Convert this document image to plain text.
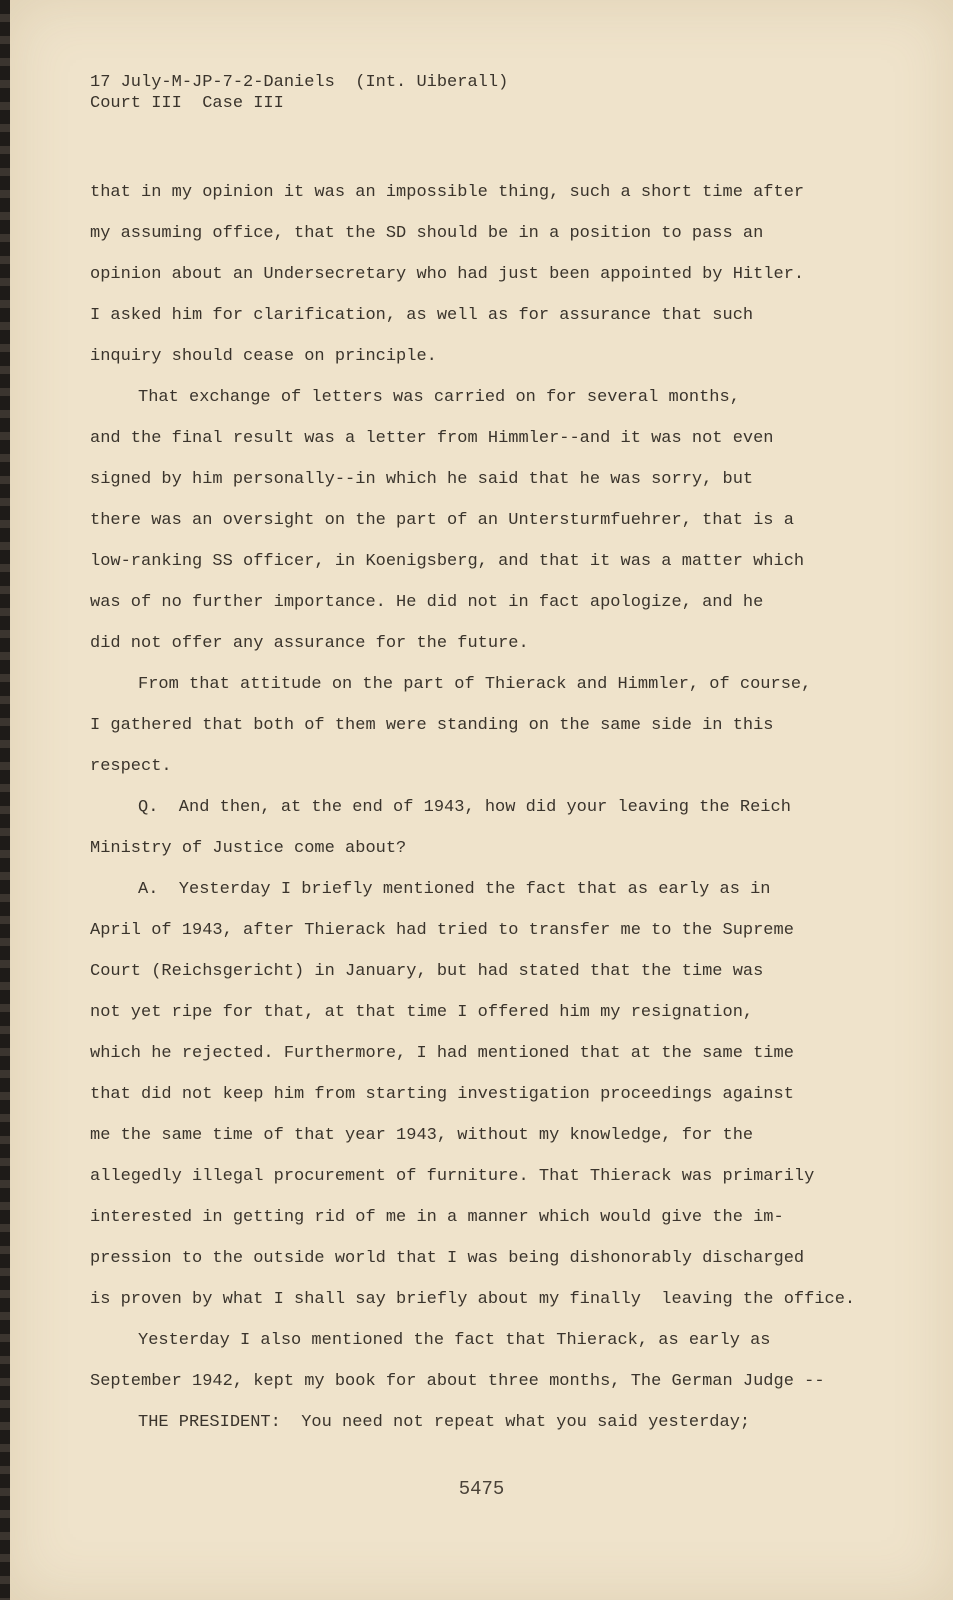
17 July-M-JP-7-2-Daniels  (Int. Uiberall)
Court III  Case III
that in my opinion it was an impossible thing, such a short time after
my assuming office, that the SD should be in a position to pass an
opinion about an Undersecretary who had just been appointed by Hitler.
I asked him for clarification, as well as for assurance that such
inquiry should cease on principle.
That exchange of letters was carried on for several months,
and the final result was a letter from Himmler--and it was not even
signed by him personally--in which he said that he was sorry, but
there was an oversight on the part of an Untersturmfuehrer, that is a
low-ranking SS officer, in Koenigsberg, and that it was a matter which
was of no further importance. He did not in fact apologize, and he
did not offer any assurance for the future.
From that attitude on the part of Thierack and Himmler, of course,
I gathered that both of them were standing on the same side in this
respect.
Q.  And then, at the end of 1943, how did your leaving the Reich
Ministry of Justice come about?
A.  Yesterday I briefly mentioned the fact that as early as in
April of 1943, after Thierack had tried to transfer me to the Supreme
Court (Reichsgericht) in January, but had stated that the time was
not yet ripe for that, at that time I offered him my resignation,
which he rejected. Furthermore, I had mentioned that at the same time
that did not keep him from starting investigation proceedings against
me the same time of that year 1943, without my knowledge, for the
allegedly illegal procurement of furniture. That Thierack was primarily
interested in getting rid of me in a manner which would give the im-
pression to the outside world that I was being dishonorably discharged
is proven by what I shall say briefly about my finally  leaving the office.
Yesterday I also mentioned the fact that Thierack, as early as
September 1942, kept my book for about three months, The German Judge --
THE PRESIDENT:  You need not repeat what you said yesterday;
5475
